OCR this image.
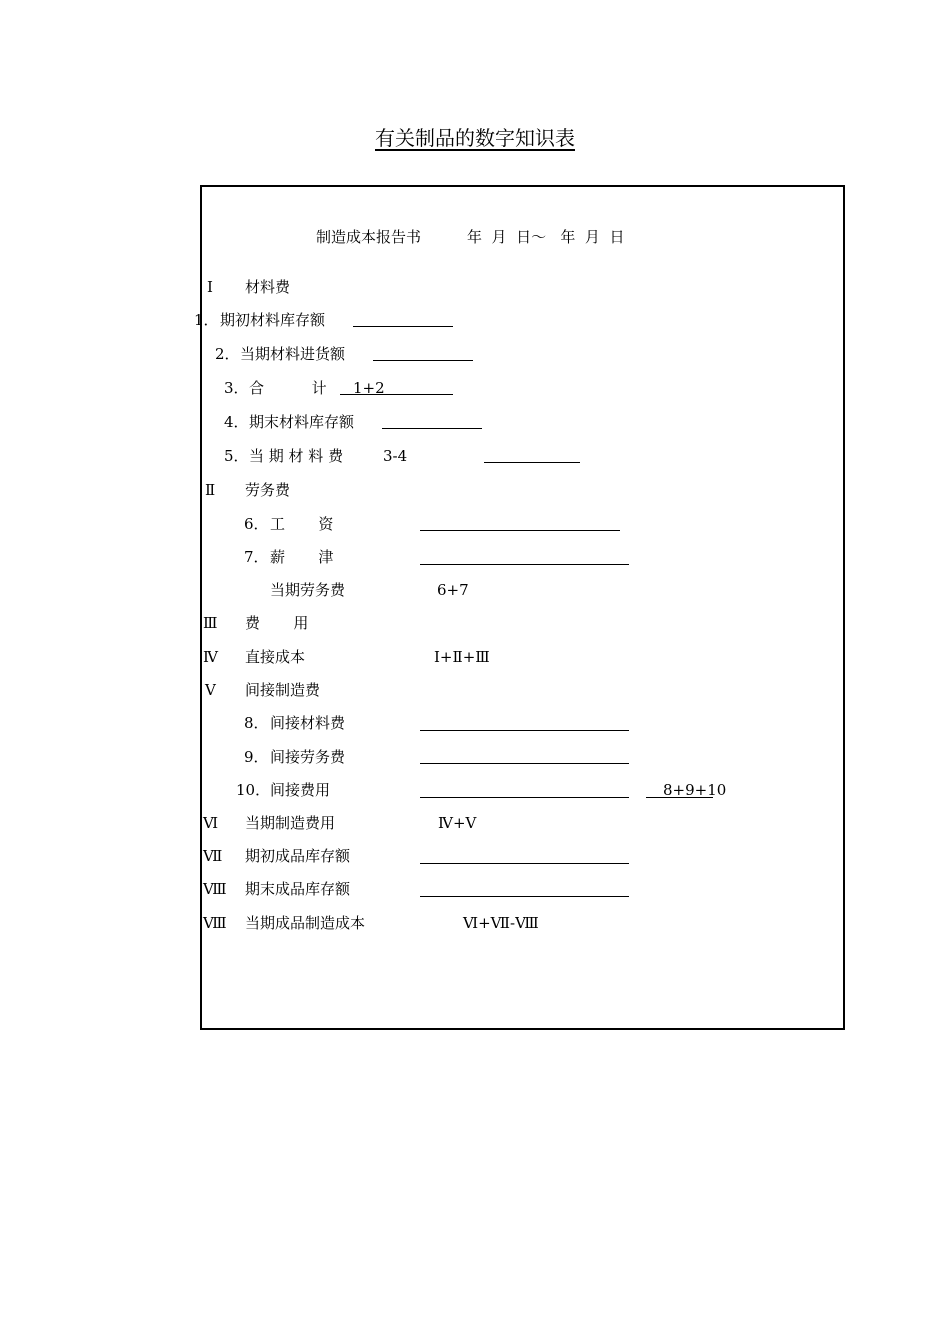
有关制品的数字知识表
制造成本报告书	年  月  日～   年  月  日
Ⅰ 材料费
1． 期初材料库存额
2． 当期材料进货额
3． 合          计 1+2
4． 期末材料库存额
5． 当 期 材 料 费	3-4
Ⅱ 劳务费
6． 工       资
7． 薪       津
当期劳务费	6+7
Ⅲ 费       用
Ⅳ 直接成本	Ⅰ+Ⅱ+Ⅲ
Ⅴ 间接制造费
8． 间接材料费
9． 间接劳务费
10． 间接费用	8+9+10
Ⅵ 当期制造费用	Ⅳ+Ⅴ
Ⅶ 期初成品库存额
Ⅷ 期末成品库存额
Ⅷ 当期成品制造成本	Ⅵ+Ⅶ-Ⅷ
